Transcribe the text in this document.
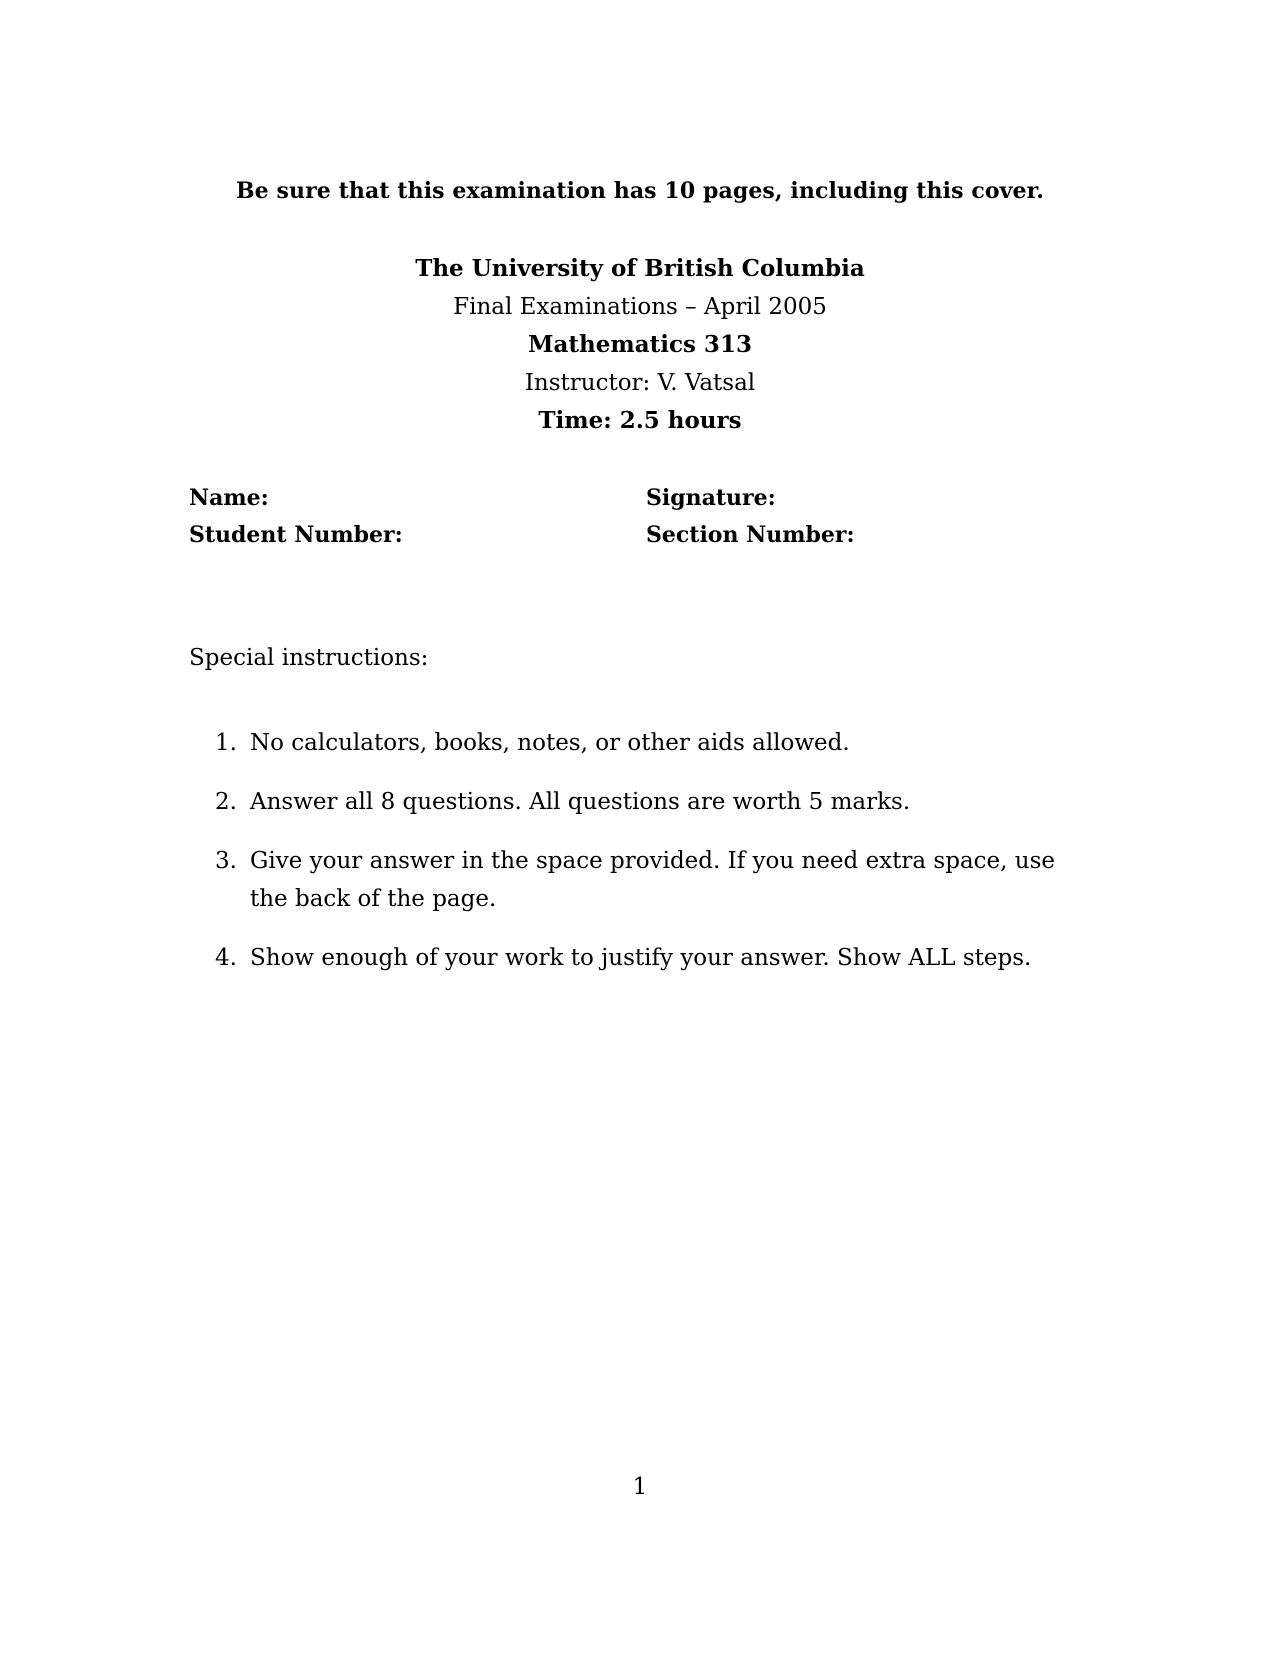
Be sure that this examination has 10 pages, including this cover.
The University of British Columbia
Final Examinations – April 2005
Mathematics 313
Instructor: V. Vatsal
Time: 2.5 hours
Name:	Signature:
Student Number:	Section Number:
Special instructions:
1. No calculators, books, notes, or other aids allowed.
2. Answer all 8 questions. All questions are worth 5 marks.
3. Give your answer in the space provided. If you need extra space, use the back of the page.
4. Show enough of your work to justify your answer. Show ALL steps.
1
